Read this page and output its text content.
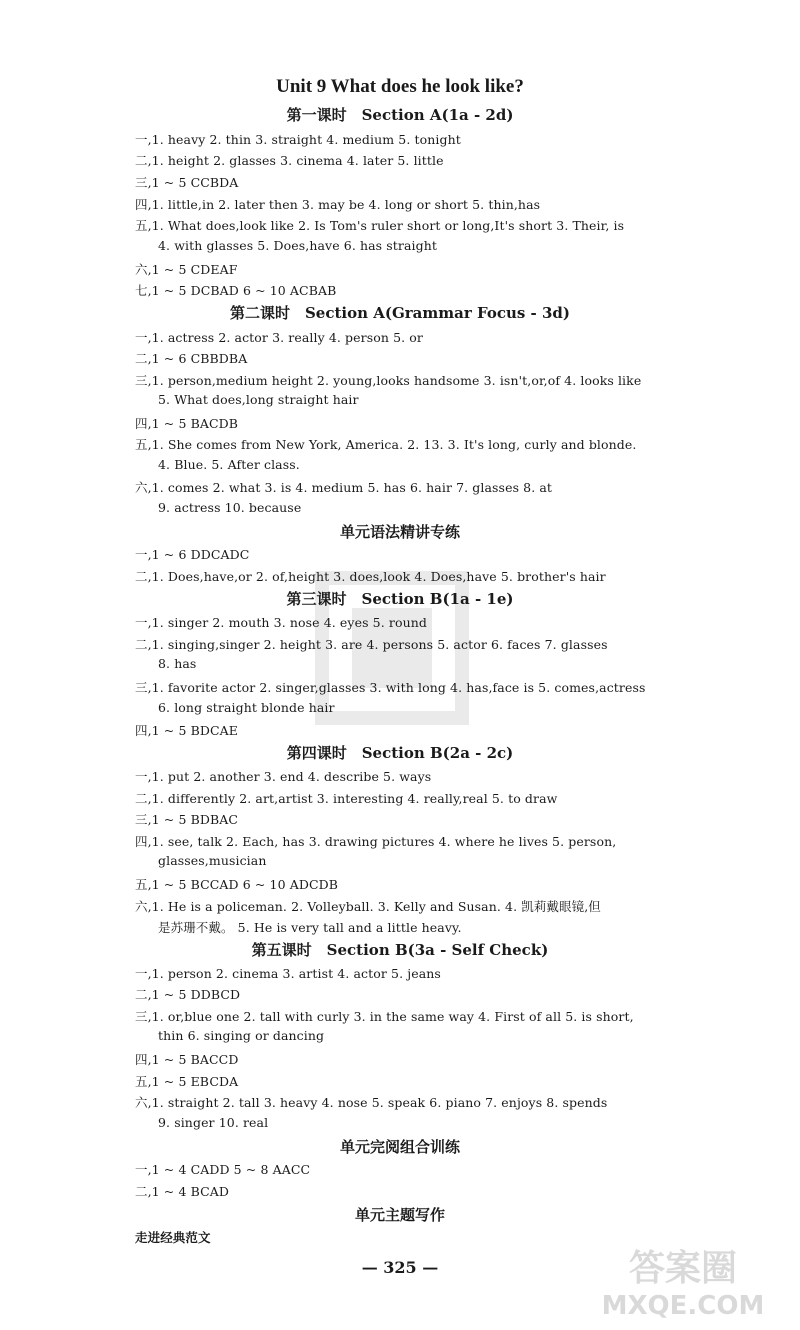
Unit 9 What does he look like?
第一课时　Section A(1a - 2d)
一,1. heavy 2. thin 3. straight 4. medium 5. tonight
二,1. height 2. glasses 3. cinema 4. later 5. little
三,1 ~ 5 CCBDA
四,1. little,in 2. later then 3. may be 4. long or short 5. thin,has
五,1. What does,look like 2. Is Tom's ruler short or long,It's short 3. Their, is
4. with glasses 5. Does,have 6. has straight
六,1 ~ 5 CDEAF
七,1 ~ 5 DCBAD 6 ~ 10 ACBAB
第二课时　Section A(Grammar Focus - 3d)
一,1. actress 2. actor 3. really 4. person 5. or
二,1 ~ 6 CBBDBA
三,1. person,medium height 2. young,looks handsome 3. isn't,or,of 4. looks like
5. What does,long straight hair
四,1 ~ 5 BACDB
五,1. She comes from New York, America. 2. 13. 3. It's long, curly and blonde.
4. Blue. 5. After class.
六,1. comes 2. what 3. is 4. medium 5. has 6. hair 7. glasses 8. at
9. actress 10. because
单元语法精讲专练
一,1 ~ 6 DDCADC
二,1. Does,have,or 2. of,height 3. does,look 4. Does,have 5. brother's hair
第三课时　Section B(1a - 1e)
一,1. singer 2. mouth 3. nose 4. eyes 5. round
二,1. singing,singer 2. height 3. are 4. persons 5. actor 6. faces 7. glasses
8. has
三,1. favorite actor 2. singer,glasses 3. with long 4. has,face is 5. comes,actress
6. long straight blonde hair
四,1 ~ 5 BDCAE
第四课时　Section B(2a - 2c)
一,1. put 2. another 3. end 4. describe 5. ways
二,1. differently 2. art,artist 3. interesting 4. really,real 5. to draw
三,1 ~ 5 BDBAC
四,1. see, talk 2. Each, has 3. drawing pictures 4. where he lives 5. person,
glasses,musician
五,1 ~ 5 BCCAD 6 ~ 10 ADCDB
六,1. He is a policeman. 2. Volleyball. 3. Kelly and Susan. 4. 凯莉戴眼镜,但
是苏珊不戴。 5. He is very tall and a little heavy.
第五课时　Section B(3a - Self Check)
一,1. person 2. cinema 3. artist 4. actor 5. jeans
二,1 ~ 5 DDBCD
三,1. or,blue one 2. tall with curly 3. in the same way 4. First of all 5. is short,
thin 6. singing or dancing
四,1 ~ 5 BACCD
五,1 ~ 5 EBCDA
六,1. straight 2. tall 3. heavy 4. nose 5. speak 6. piano 7. enjoys 8. spends
9. singer 10. real
单元完阅组合训练
一,1 ~ 4 CADD 5 ~ 8 AACC
二,1 ~ 4 BCAD
单元主题写作
走进经典范文
— 325 —	答案圈
MXQE.COM
